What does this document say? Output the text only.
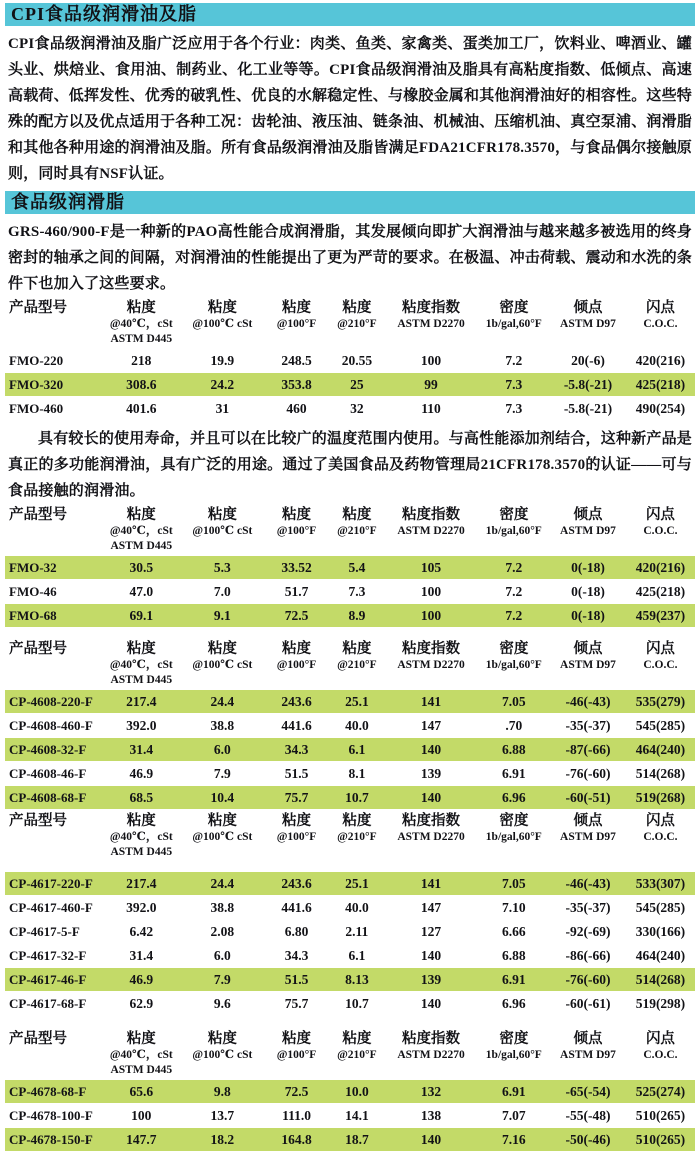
CPI食品级润滑油及脂

CPI食品级润滑油及脂广泛应用于各个行业：肉类、鱼类、家禽类、蛋类加工厂，饮料业、啤酒业、罐头业、烘焙业、食用油、制药业、化工业等等。CPI食品级润滑油及脂具有高粘度指数、低倾点、高速高载荷、低挥发性、优秀的破乳性、优良的水解稳定性、与橡胶金属和其他润滑油好的相容性。这些特殊的配方以及优点适用于各种工况：齿轮油、液压油、链条油、机械油、压缩机油、真空泵浦、润滑脂和其他各种用途的润滑油及脂。所有食品级润滑油及脂皆满足FDA21CFR178.3570，与食品偶尔接触原则，同时具有NSF认证。

食品级润滑脂

GRS-460/900-F是一种新的PAO高性能合成润滑脂，其发展倾向即扩大润滑油与越来越多被选用的终身密封的轴承之间的间隔，对润滑油的性能提出了更为严苛的要求。在极温、冲击荷载、震动和水洗的条件下也加入了这些要求。

产品型号

	粘度
@40℃，cSt
ASTM D445
粘度
@100℃ cSt

粘度
@100°F

粘度
@210°F

粘度指数
ASTM D2270

密度
1b/gal,60°F

倾点
ASTM D97

闪点
C.O.C.

FMO-220	218	19.9	248.5	20.55	100	7.2	20(-6)	420(216)
FMO-320	308.6	24.2	353.8	25	99	7.3	-5.8(-21)	425(218)
FMO-460	401.6	31	460	32	110	7.3	-5.8(-21)	490(254)

具有较长的使用寿命，并且可以在比较广的温度范围内使用。与高性能添加剂结合，这种新产品是真正的多功能润滑油，具有广泛的用途。通过了美国食品及药物管理局21CFR178.3570的认证——可与食品接触的润滑油。

产品型号

	粘度
@40℃，cSt
ASTM D445
粘度
@100℃ cSt

粘度
@100°F

粘度
@210°F

粘度指数
ASTM D2270

密度
1b/gal,60°F

倾点
ASTM D97

闪点
C.O.C.

FMO-32	30.5	5.3	33.52	5.4	105	7.2	0(-18)	420(216)
FMO-46	47.0	7.0	51.7	7.3	100	7.2	0(-18)	425(218)
FMO-68	69.1	9.1	72.5	8.9	100	7.2	0(-18)	459(237)
产品型号

	粘度
@40℃，cSt
ASTM D445
粘度
@100℃ cSt

粘度
@100°F

粘度
@210°F

粘度指数
ASTM D2270

密度
1b/gal,60°F

倾点
ASTM D97

闪点
C.O.C.

CP-4608-220-F	217.4	24.4	243.6	25.1	141	7.05	-46(-43)	535(279)
CP-4608-460-F	392.0	38.8	441.6	40.0	147	.70	-35(-37)	545(285)
CP-4608-32-F	31.4	6.0	34.3	6.1	140	6.88	-87(-66)	464(240)
CP-4608-46-F	46.9	7.9	51.5	8.1	139	6.91	-76(-60)	514(268)
CP-4608-68-F	68.5	10.4	75.7	10.7	140	6.96	-60(-51)	519(268)
产品型号

	粘度
@40℃，cSt
ASTM D445
粘度
@100℃ cSt

粘度
@100°F

粘度
@210°F

粘度指数
ASTM D2270

密度
1b/gal,60°F

倾点
ASTM D97

闪点
C.O.C.

CP-4617-220-F	217.4	24.4	243.6	25.1	141	7.05	-46(-43)	533(307)
CP-4617-460-F	392.0	38.8	441.6	40.0	147	7.10	-35(-37)	545(285)
CP-4617-5-F	6.42	2.08	6.80	2.11	127	6.66	-92(-69)	330(166)
CP-4617-32-F	31.4	6.0	34.3	6.1	140	6.88	-86(-66)	464(240)
CP-4617-46-F	46.9	7.9	51.5	8.13	139	6.91	-76(-60)	514(268)
CP-4617-68-F	62.9	9.6	75.7	10.7	140	6.96	-60(-61)	519(298)
产品型号

	粘度
@40℃，cSt
ASTM D445
粘度
@100℃ cSt

粘度
@100°F

粘度
@210°F

粘度指数
ASTM D2270

密度
1b/gal,60°F

倾点
ASTM D97

闪点
C.O.C.

CP-4678-68-F	65.6	9.8	72.5	10.0	132	6.91	-65(-54)	525(274)
CP-4678-100-F	100	13.7	111.0	14.1	138	7.07	-55(-48)	510(265)
CP-4678-150-F	147.7	18.2	164.8	18.7	140	7.16	-50(-46)	510(265)
